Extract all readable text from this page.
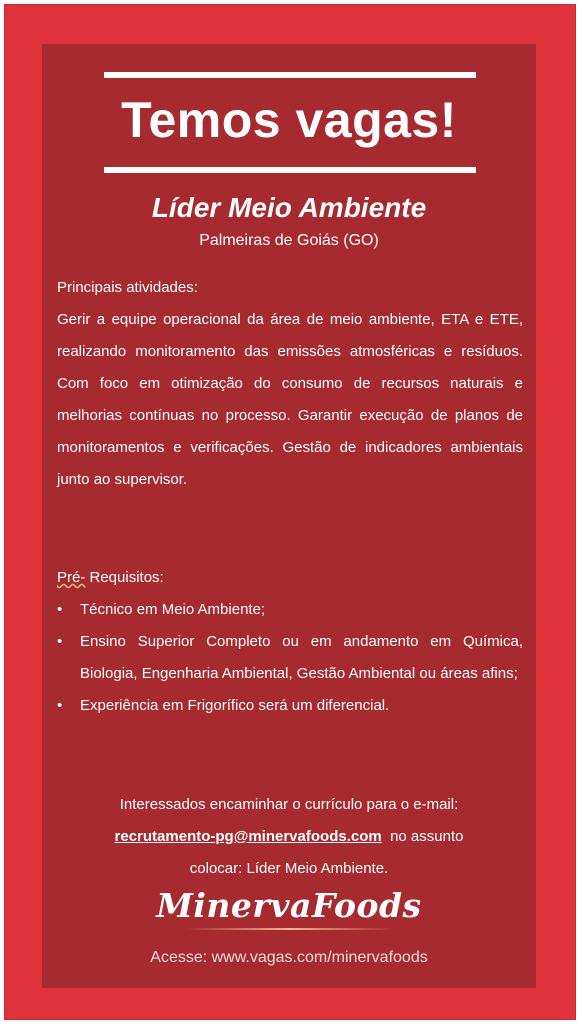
Temos vagas!
Líder Meio Ambiente
Palmeiras de Goiás (GO)
Principais atividades:
Gerir a equipe operacional da área de meio ambiente, ETA e ETE, realizando monitoramento das emissões atmosféricas e resíduos. Com foco em otimização do consumo de recursos naturais e melhorias contínuas no processo. Garantir execução de planos de monitoramentos e verificações. Gestão de indicadores ambientais junto ao supervisor.
Pré- Requisitos:
• Técnico em Meio Ambiente;
• Ensino Superior Completo ou em andamento em Química, Biologia, Engenharia Ambiental, Gestão Ambiental ou áreas afins;
• Experiência em Frigorífico será um diferencial.
Interessados encaminhar o currículo para o e-mail:
recrutamento-pg@minervafoods.com no assunto
colocar: Líder Meio Ambiente.
MinervaFoods
Acesse: www.vagas.com/minervafoods
